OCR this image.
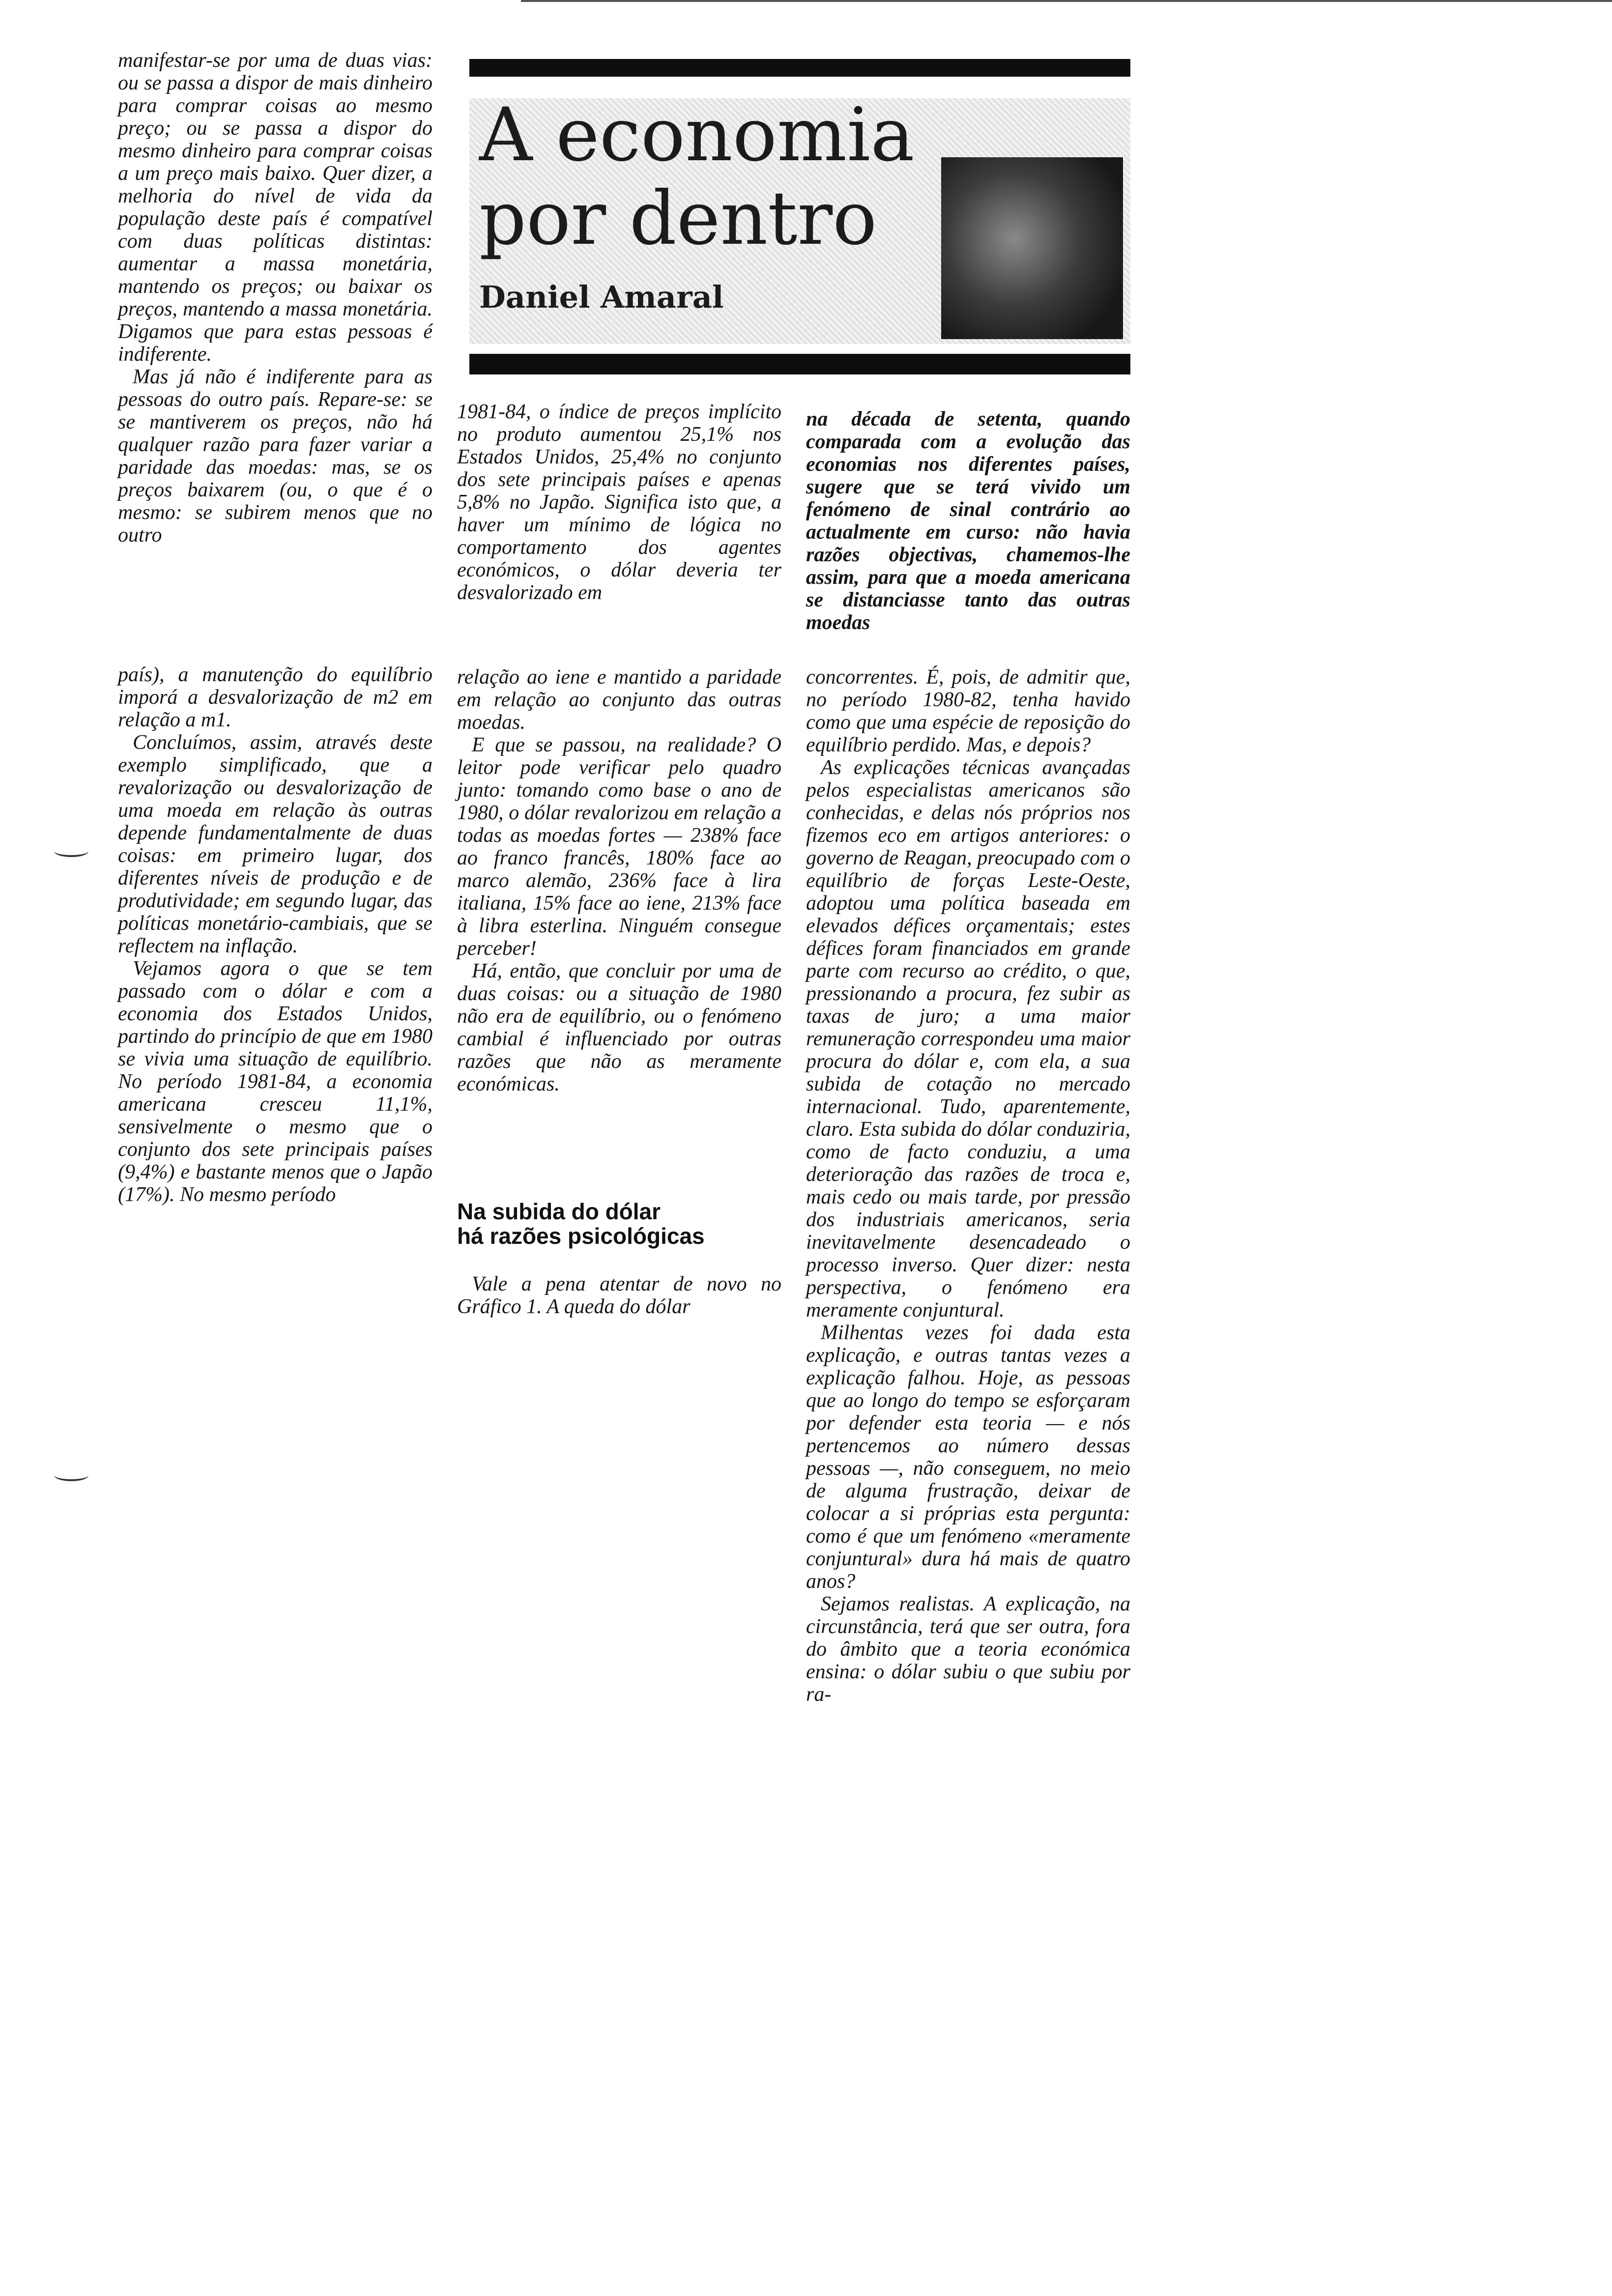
A economia
por dentro
Daniel Amaral

manifestar-se por uma de duas vias: ou se passa a dispor de mais dinheiro para comprar coisas ao mesmo preço; ou se passa a dispor do mesmo dinheiro para comprar coisas a um preço mais baixo. Quer dizer, a melhoria do nível de vida da população deste país é compatível com duas políticas distintas: aumentar a massa monetária, mantendo os preços; ou baixar os preços, mantendo a massa monetária. Digamos que para estas pessoas é indiferente.

Mas já não é indiferente para as pessoas do outro país. Repare-se: se se mantiverem os preços, não há qualquer razão para fazer variar a paridade das moedas: mas, se os preços baixarem (ou, o que é o mesmo: se subirem menos que no outro

país), a manutenção do equilíbrio imporá a desvalorização de m2 em relação a m1.

Concluímos, assim, através deste exemplo simplificado, que a revalorização ou desvalorização de uma moeda em relação às outras depende fundamentalmente de duas coisas: em primeiro lugar, dos diferentes níveis de produção e de produtividade; em segundo lugar, das políticas monetário-cambiais, que se reflectem na inflação.

Vejamos agora o que se tem passado com o dólar e com a economia dos Estados Unidos, partindo do princípio de que em 1980 se vivia uma situação de equilíbrio. No período 1981-84, a economia americana cresceu 11,1%, sensivelmente o mesmo que o conjunto dos sete principais países (9,4%) e bastante menos que o Japão (17%). No mesmo período

1981-84, o índice de preços implícito no produto aumentou 25,1% nos Estados Unidos, 25,4% no conjunto dos sete principais países e apenas 5,8% no Japão. Significa isto que, a haver um mínimo de lógica no comportamento dos agentes económicos, o dólar deveria ter desvalorizado em

relação ao iene e mantido a paridade em relação ao conjunto das outras moedas.

E que se passou, na realidade? O leitor pode verificar pelo quadro junto: tomando como base o ano de 1980, o dólar revalorizou em relação a todas as moedas fortes — 238% face ao franco francês, 180% face ao marco alemão, 236% face à lira italiana, 15% face ao iene, 213% face à libra esterlina. Ninguém consegue perceber!

Há, então, que concluir por uma de duas coisas: ou a situação de 1980 não era de equilíbrio, ou o fenómeno cambial é influenciado por outras razões que não as meramente económicas.

Na subida do dólar
há razões psicológicas

Vale a pena atentar de novo no Gráfico 1. A queda do dólar

na década de setenta, quando comparada com a evolução das economias nos diferentes países, sugere que se terá vivido um fenómeno de sinal contrário ao actualmente em curso: não havia razões objectivas, chamemos-lhe assim, para que a moeda americana se distanciasse tanto das outras moedas

concorrentes. É, pois, de admitir que, no período 1980-82, tenha havido como que uma espécie de reposição do equilíbrio perdido. Mas, e depois?

As explicações técnicas avançadas pelos especialistas americanos são conhecidas, e delas nós próprios nos fizemos eco em artigos anteriores: o governo de Reagan, preocupado com o equilíbrio de forças Leste-Oeste, adoptou uma política baseada em elevados défices orçamentais; estes défices foram financiados em grande parte com recurso ao crédito, o que, pressionando a procura, fez subir as taxas de juro; a uma maior remuneração correspondeu uma maior procura do dólar e, com ela, a sua subida de cotação no mercado internacional. Tudo, aparentemente, claro. Esta subida do dólar conduziria, como de facto conduziu, a uma deterioração das razões de troca e, mais cedo ou mais tarde, por pressão dos industriais americanos, seria inevitavelmente desencadeado o processo inverso. Quer dizer: nesta perspectiva, o fenómeno era meramente conjuntural.

Milhentas vezes foi dada esta explicação, e outras tantas vezes a explicação falhou. Hoje, as pessoas que ao longo do tempo se esforçaram por defender esta teoria — e nós pertencemos ao número dessas pessoas —, não conseguem, no meio de alguma frustração, deixar de colocar a si próprias esta pergunta: como é que um fenómeno «meramente conjuntural» dura há mais de quatro anos?

Sejamos realistas. A explicação, na circunstância, terá que ser outra, fora do âmbito que a teoria económica ensina: o dólar subiu o que subiu por ra-
